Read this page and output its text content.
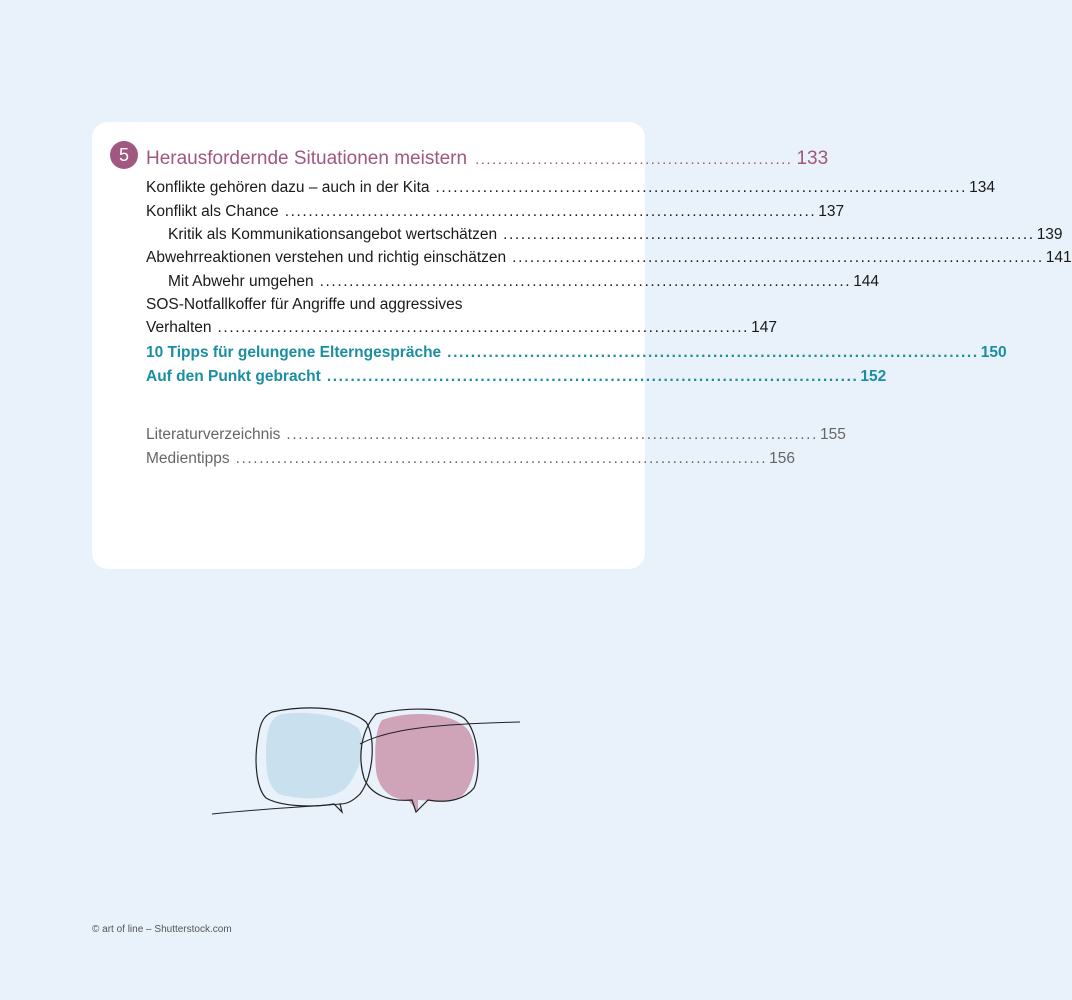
5 Herausfordernde Situationen meistern ........................................................ 133
Konflikte gehören dazu – auch in der Kita .......................................................................................... 134
Konflikt als Chance .......................................................................................... 137
Kritik als Kommunikationsangebot wertschätzen .......................................................................................... 139
Abwehrreaktionen verstehen und richtig einschätzen .......................................................................................... 141
Mit Abwehr umgehen .......................................................................................... 144
SOS-Notfallkoffer für Angriffe und aggressives
Verhalten .......................................................................................... 147
10 Tipps für gelungene Elterngespräche .......................................................................................... 150
Auf den Punkt gebracht .......................................................................................... 152
Literaturverzeichnis .......................................................................................... 155
Medientipps .......................................................................................... 156
© art of line – Shutterstock.com
